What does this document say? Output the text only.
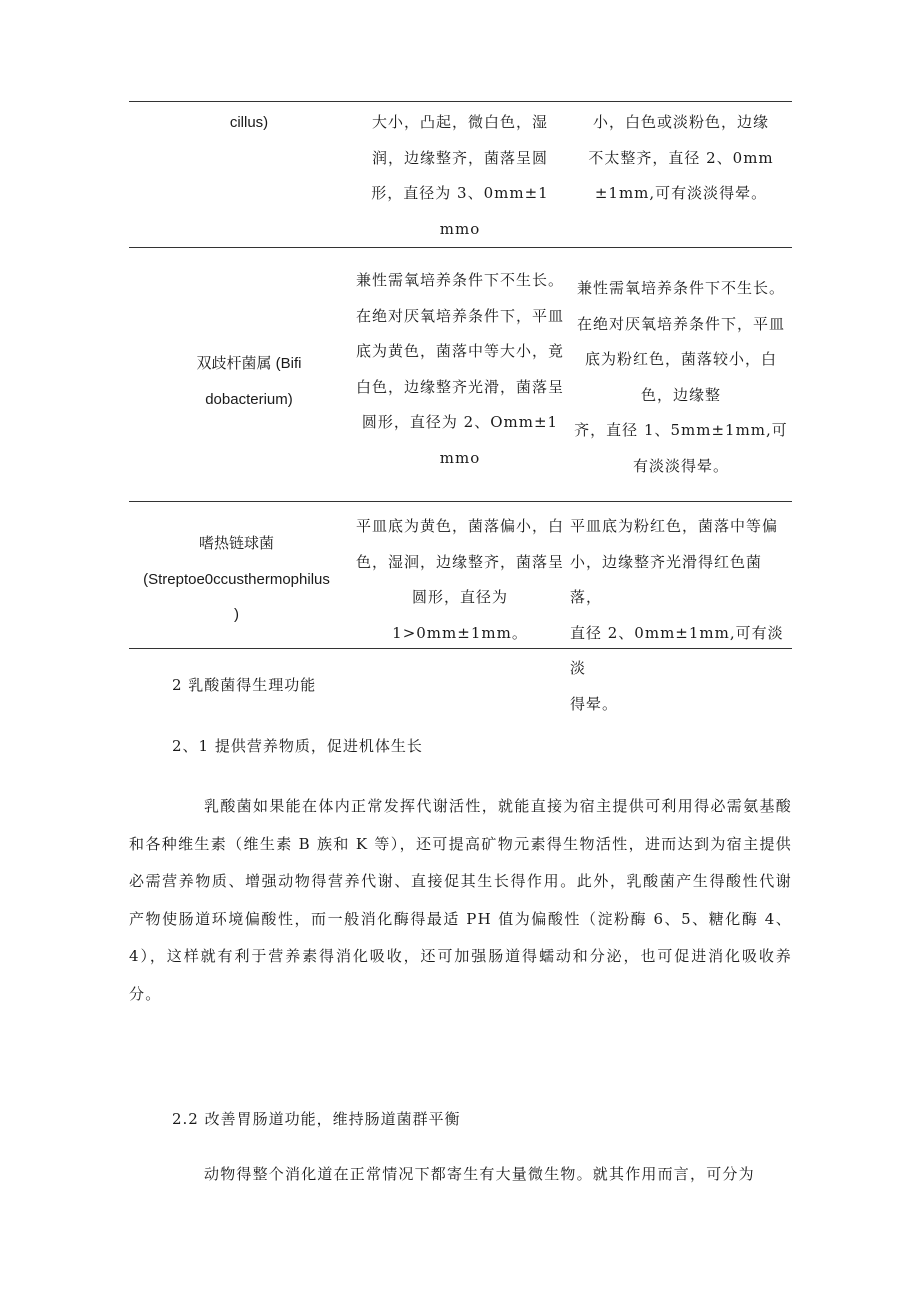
cillus)	大小，凸起，微白色，湿
润，边缘整齐，菌落呈圆
形，直径为 3、0mm±1
mmo
小，白色或淡粉色，边缘
不太整齐，直径 2、0mm
±1mm,可有淡淡得晕。
双歧杆菌属 (Bifi
dobacterium)
兼性需氧培养条件下不生长。
在绝对厌氧培养条件下，平皿
底为黄色，菌落中等大小，竟
白色，边缘整齐光滑，菌落呈
圆形，直径为 2、Omm±1
mmo
兼性需氧培养条件下不生长。
在绝对厌氧培养条件下，平皿
底为粉红色，菌落较小，白
色，边缘整
齐，直径 1、5mm±1mm,可
有淡淡得晕。
嗜热链球菌
(Streptoe0ccusthermophilus
)
平皿底为黄色，菌落偏小，白
色，湿洄，边缘整齐，菌落呈
圆形，直径为
1>0mm±1mm。
平皿底为粉红色，菌落中等偏
小，边缘整齐光滑得红色菌落，
直径 2、0mm±1mm,可有淡淡
得晕。
2 乳酸菌得生理功能
2、1 提供营养物质，促进机体生长

乳酸菌如果能在体内正常发挥代谢活性，就能直接为宿主提供可利用得必需氨基酸和各种维生素（维生素 B 族和 K 等），还可提高矿物元素得生物活性，进而达到为宿主提供必需营养物质、增强动物得营养代谢、直接促其生长得作用。此外，乳酸菌产生得酸性代谢产物使肠道环境偏酸性，而一般消化酶得最适 PH 值为偏酸性（淀粉酶 6、5、糖化酶 4、4），这样就有利于营养素得消化吸收，还可加强肠道得蠕动和分泌，也可促进消化吸收养分。

2.2 改善胃肠道功能，维持肠道菌群平衡

动物得整个消化道在正常情况下都寄生有大量微生物。就其作用而言，可分为
